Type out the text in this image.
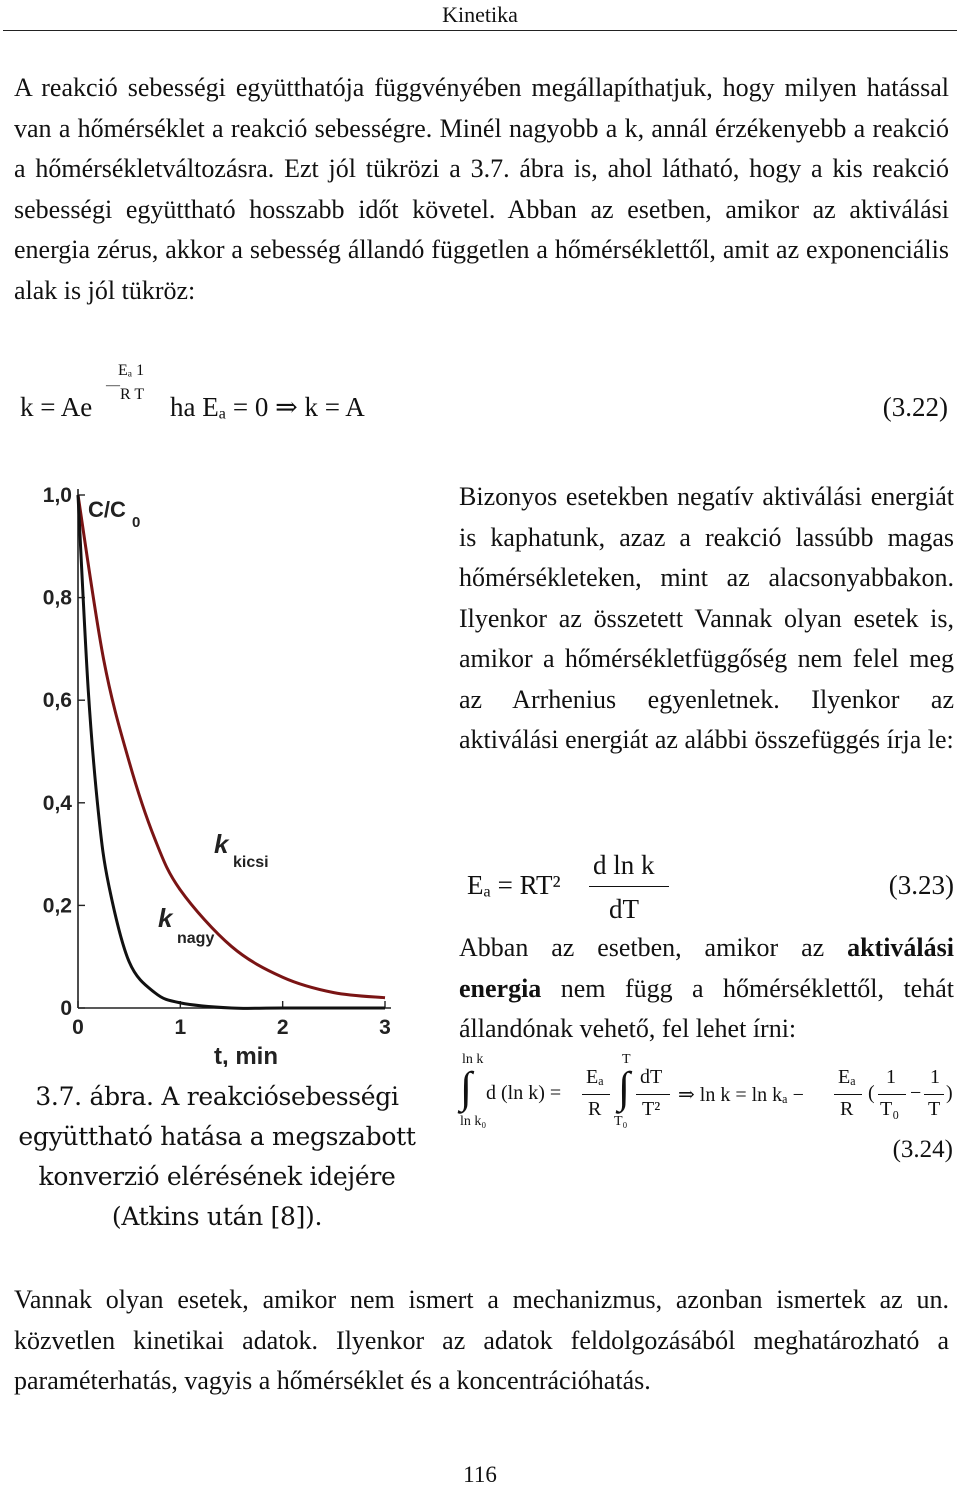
Kinetika
A reakció sebességi együtthatója függvényében megállapíthatjuk, hogy milyen hatással van a hőmérséklet a reakció sebességre. Minél nagyobb a k, annál érzékenyebb a reakció a hőmérsékletváltozásra. Ezt jól tükrözi a 3.7. ábra is, ahol látható, hogy a kis reakció sebességi együttható hosszabb időt követel. Abban az esetben, amikor az aktiválási energia zérus, akkor a sebesség állandó független a hőmérséklettől, amit az exponenciális alak is jól tükröz:
k = Ae
—
Eₐ 1
R T ha Eₐ = 0 ⇒ k = A	(3.22)
0
0,2
0,4
0,6
0,8
1,0
0	1	2	3
C/C
0
t, min
k
kicsi
k
nagy
3.7. ábra. A reakciósebességi együttható hatása a megszabott konverzió elérésének idejére (Atkins után [8]).
Bizonyos esetekben negatív aktiválási energiát is kaphatunk, azaz a reakció lassúbb magas hőmérsékleteken, mint az alacsonyabbakon. Ilyenkor az összetett Vannak olyan esetek is, amikor a hőmérsékletfüggőség nem felel meg az Arrhenius egyenletnek. Ilyenkor az aktiválási energiát az alábbi összefüggés írja le:
Eₐ = RT²
d ln k
dT
(3.23)
Abban az esetben, amikor az aktiválási energia nem függ a hőmérséklettől, tehát állandónak vehető, fel lehet írni:
ln k
∫
ln k₀
d (ln k) =
Eₐ
R
T
∫
T₀
dT
T²
⇒ ln k = ln kₐ −
Eₐ
R
(
1
T₀
−
1
T
)
(3.24)
Vannak olyan esetek, amikor nem ismert a mechanizmus, azonban ismertek az un. közvetlen kinetikai adatok. Ilyenkor az adatok feldolgozásából meghatározható a paraméterhatás, vagyis a hőmérséklet és a koncentrációhatás.
116
